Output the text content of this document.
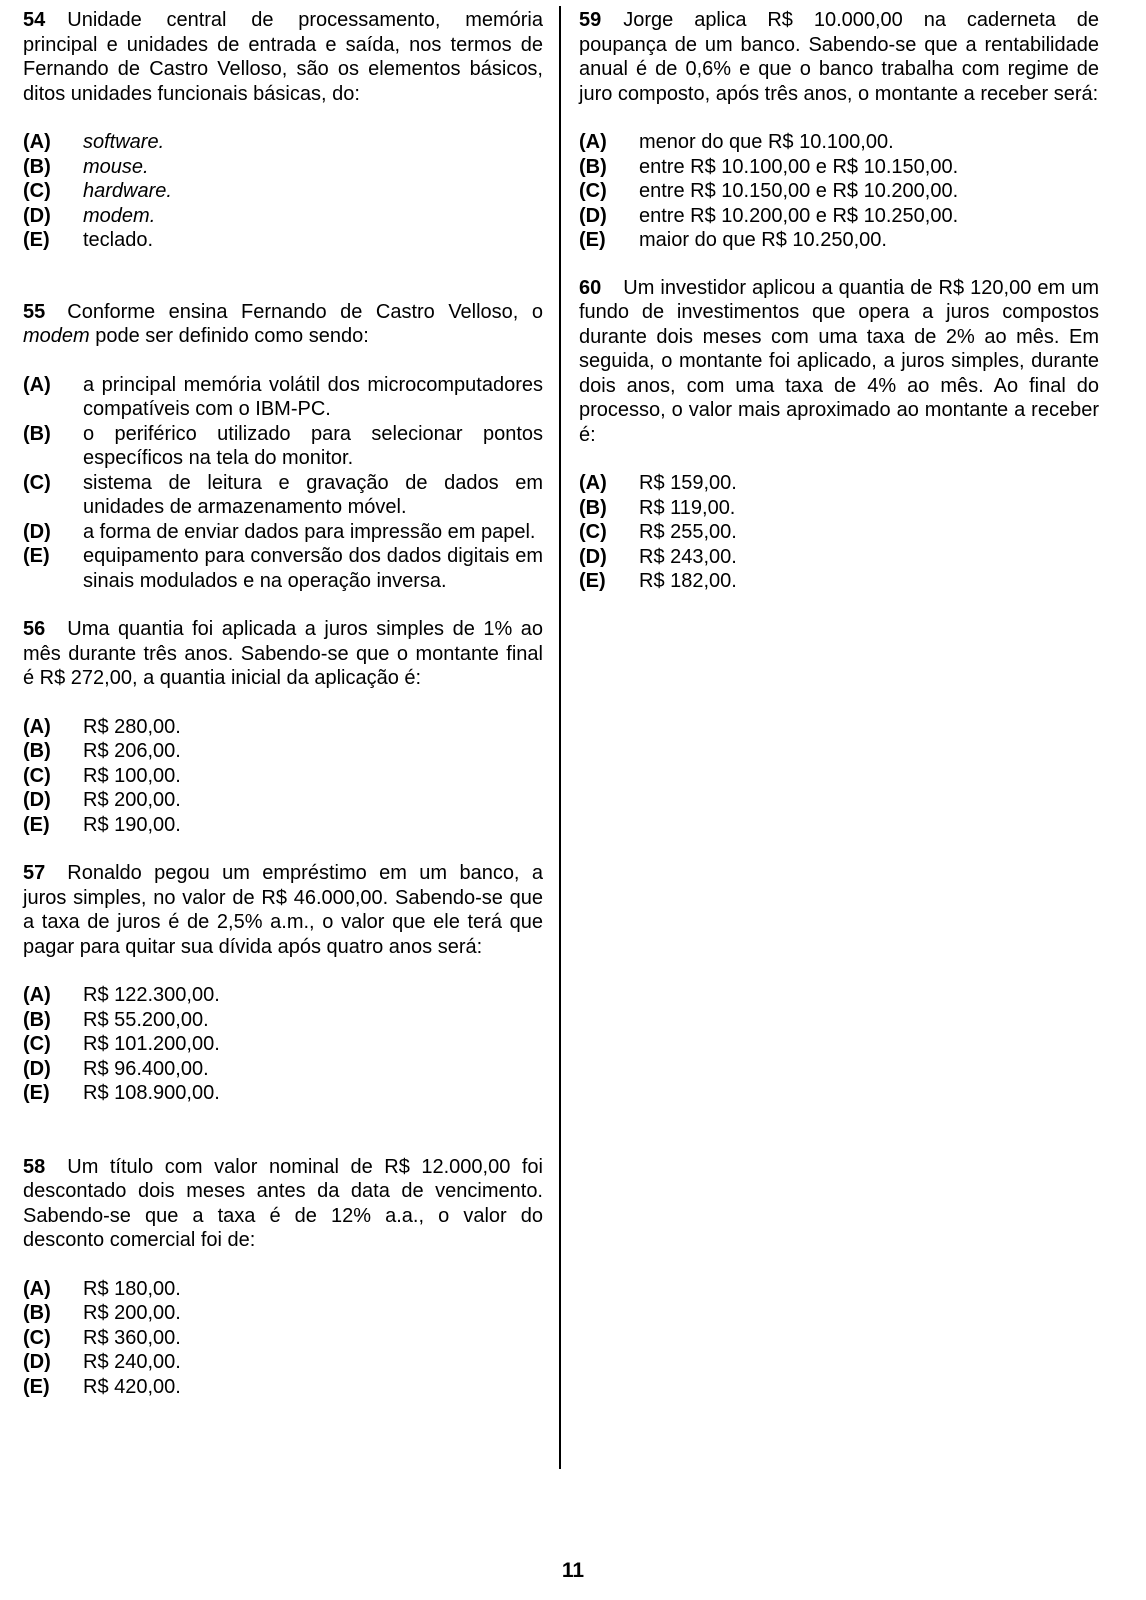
54 Unidade central de processamento, memória principal e unidades de entrada e saída, nos termos de Fernando de Castro Velloso, são os elementos básicos, ditos unidades funcionais básicas, do:

(A) software.
(B) mouse.
(C) hardware.
(D) modem.
(E) teclado.

55 Conforme ensina Fernando de Castro Velloso, o modem pode ser definido como sendo:

(A) a principal memória volátil dos microcomputadores compatíveis com o IBM-PC.
(B) o periférico utilizado para selecionar pontos específicos na tela do monitor.
(C) sistema de leitura e gravação de dados em unidades de armazenamento móvel.
(D) a forma de enviar dados para impressão em papel.
(E) equipamento para conversão dos dados digitais em sinais modulados e na operação inversa.

56 Uma quantia foi aplicada a juros simples de 1% ao mês durante três anos. Sabendo-se que o montante final é R$ 272,00, a quantia inicial da aplicação é:

(A) R$ 280,00.
(B) R$ 206,00.
(C) R$ 100,00.
(D) R$ 200,00.
(E) R$ 190,00.

57 Ronaldo pegou um empréstimo em um banco, a juros simples, no valor de R$ 46.000,00. Sabendo-se que a taxa de juros é de 2,5% a.m., o valor que ele terá que pagar para quitar sua dívida após quatro anos será:

(A) R$ 122.300,00.
(B) R$ 55.200,00.
(C) R$ 101.200,00.
(D) R$ 96.400,00.
(E) R$ 108.900,00.

58 Um título com valor nominal de R$ 12.000,00 foi descontado dois meses antes da data de vencimento. Sabendo-se que a taxa é de 12% a.a., o valor do desconto comercial foi de:

(A) R$ 180,00.
(B) R$ 200,00.
(C) R$ 360,00.
(D) R$ 240,00.
(E) R$ 420,00.

59 Jorge aplica R$ 10.000,00 na caderneta de poupança de um banco. Sabendo-se que a rentabilidade anual é de 0,6% e que o banco trabalha com regime de juro composto, após três anos, o montante a receber será:

(A) menor do que R$ 10.100,00.
(B) entre R$ 10.100,00 e R$ 10.150,00.
(C) entre R$ 10.150,00 e R$ 10.200,00.
(D) entre R$ 10.200,00 e R$ 10.250,00.
(E) maior do que R$ 10.250,00.

60 Um investidor aplicou a quantia de R$ 120,00 em um fundo de investimentos que opera a juros compostos durante dois meses com uma taxa de 2% ao mês. Em seguida, o montante foi aplicado, a juros simples, durante dois anos, com uma taxa de 4% ao mês. Ao final do processo, o valor mais aproximado ao montante a receber é:

(A) R$ 159,00.
(B) R$ 119,00.
(C) R$ 255,00.
(D) R$ 243,00.
(E) R$ 182,00.
11
